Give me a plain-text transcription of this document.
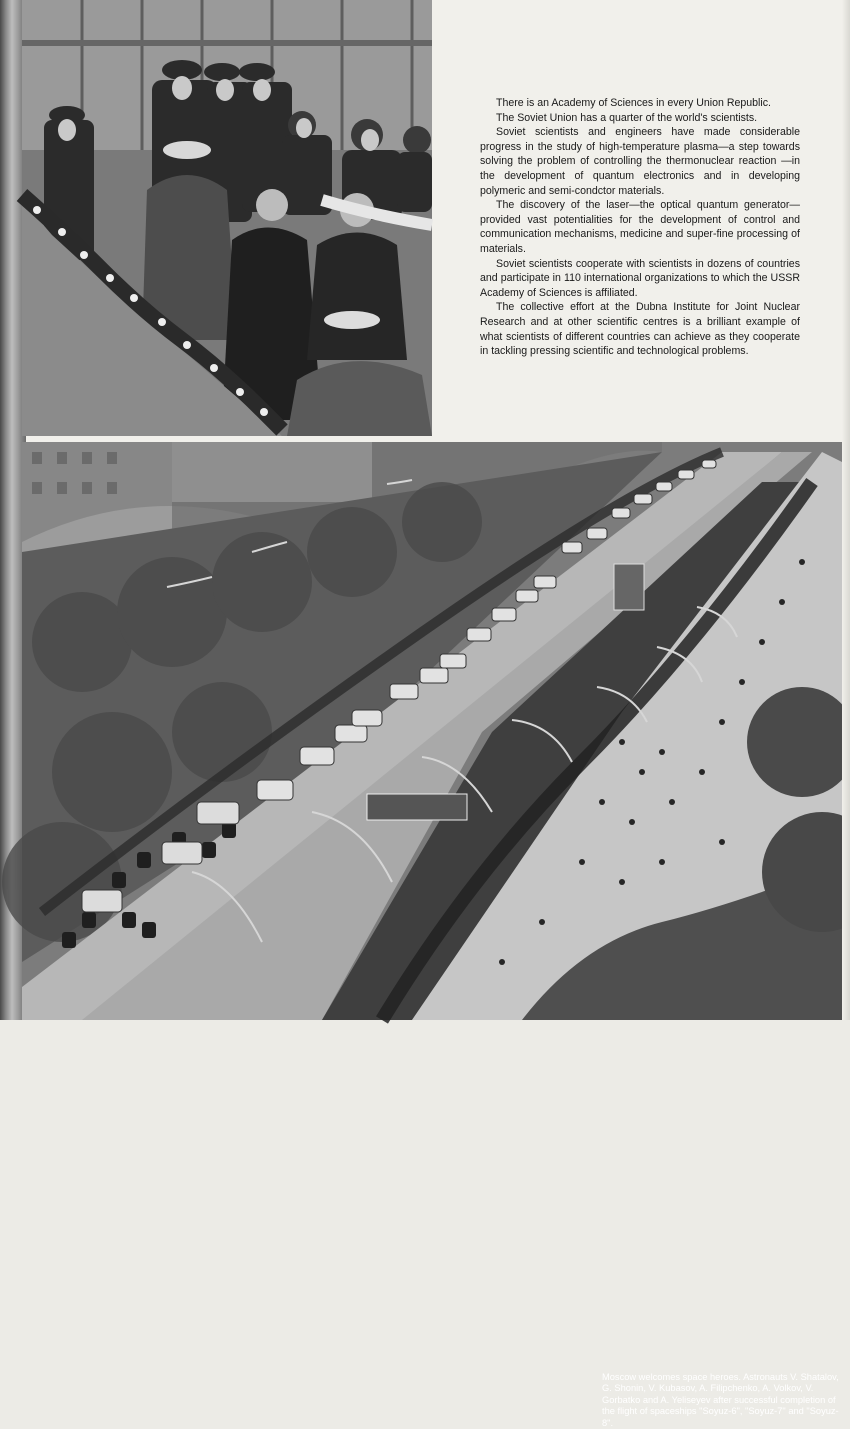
There is an Academy of Sciences in every Union Republic.

The Soviet Union has a quarter of the world's scientists.

Soviet scientists and engineers have made considerable progress in the study of high-temperature plasma—a step towards solving the problem of controlling the thermonuclear reaction —in the development of quantum electronics and in developing polymeric and semi-condctor materials.

The discovery of the laser—the optical quantum generator—provided vast potentialities for the development of control and communication mechanisms, medicine and super-fine processing of materials.

Soviet scientists cooperate with scientists in dozens of countries and participate in 110 international organizations to which the USSR Academy of Sciences is affiliated.

The collective effort at the Dubna Institute for Joint Nuclear Research and at other scientific centres is a brilliant example of what scientists of different countries can achieve as they cooperate in tackling pressing scientific and technological problems.

Moscow welcomes space heroes. Astronauts V. Shatalov, G. Shonin, V. Kubasov, A. Filipchenko, A. Volkov, V. Gorbatko and A. Yeliseyev after successful completion of the flight of spaceships "Soyuz-6", "Soyuz-7" and "Soyuz-8".
